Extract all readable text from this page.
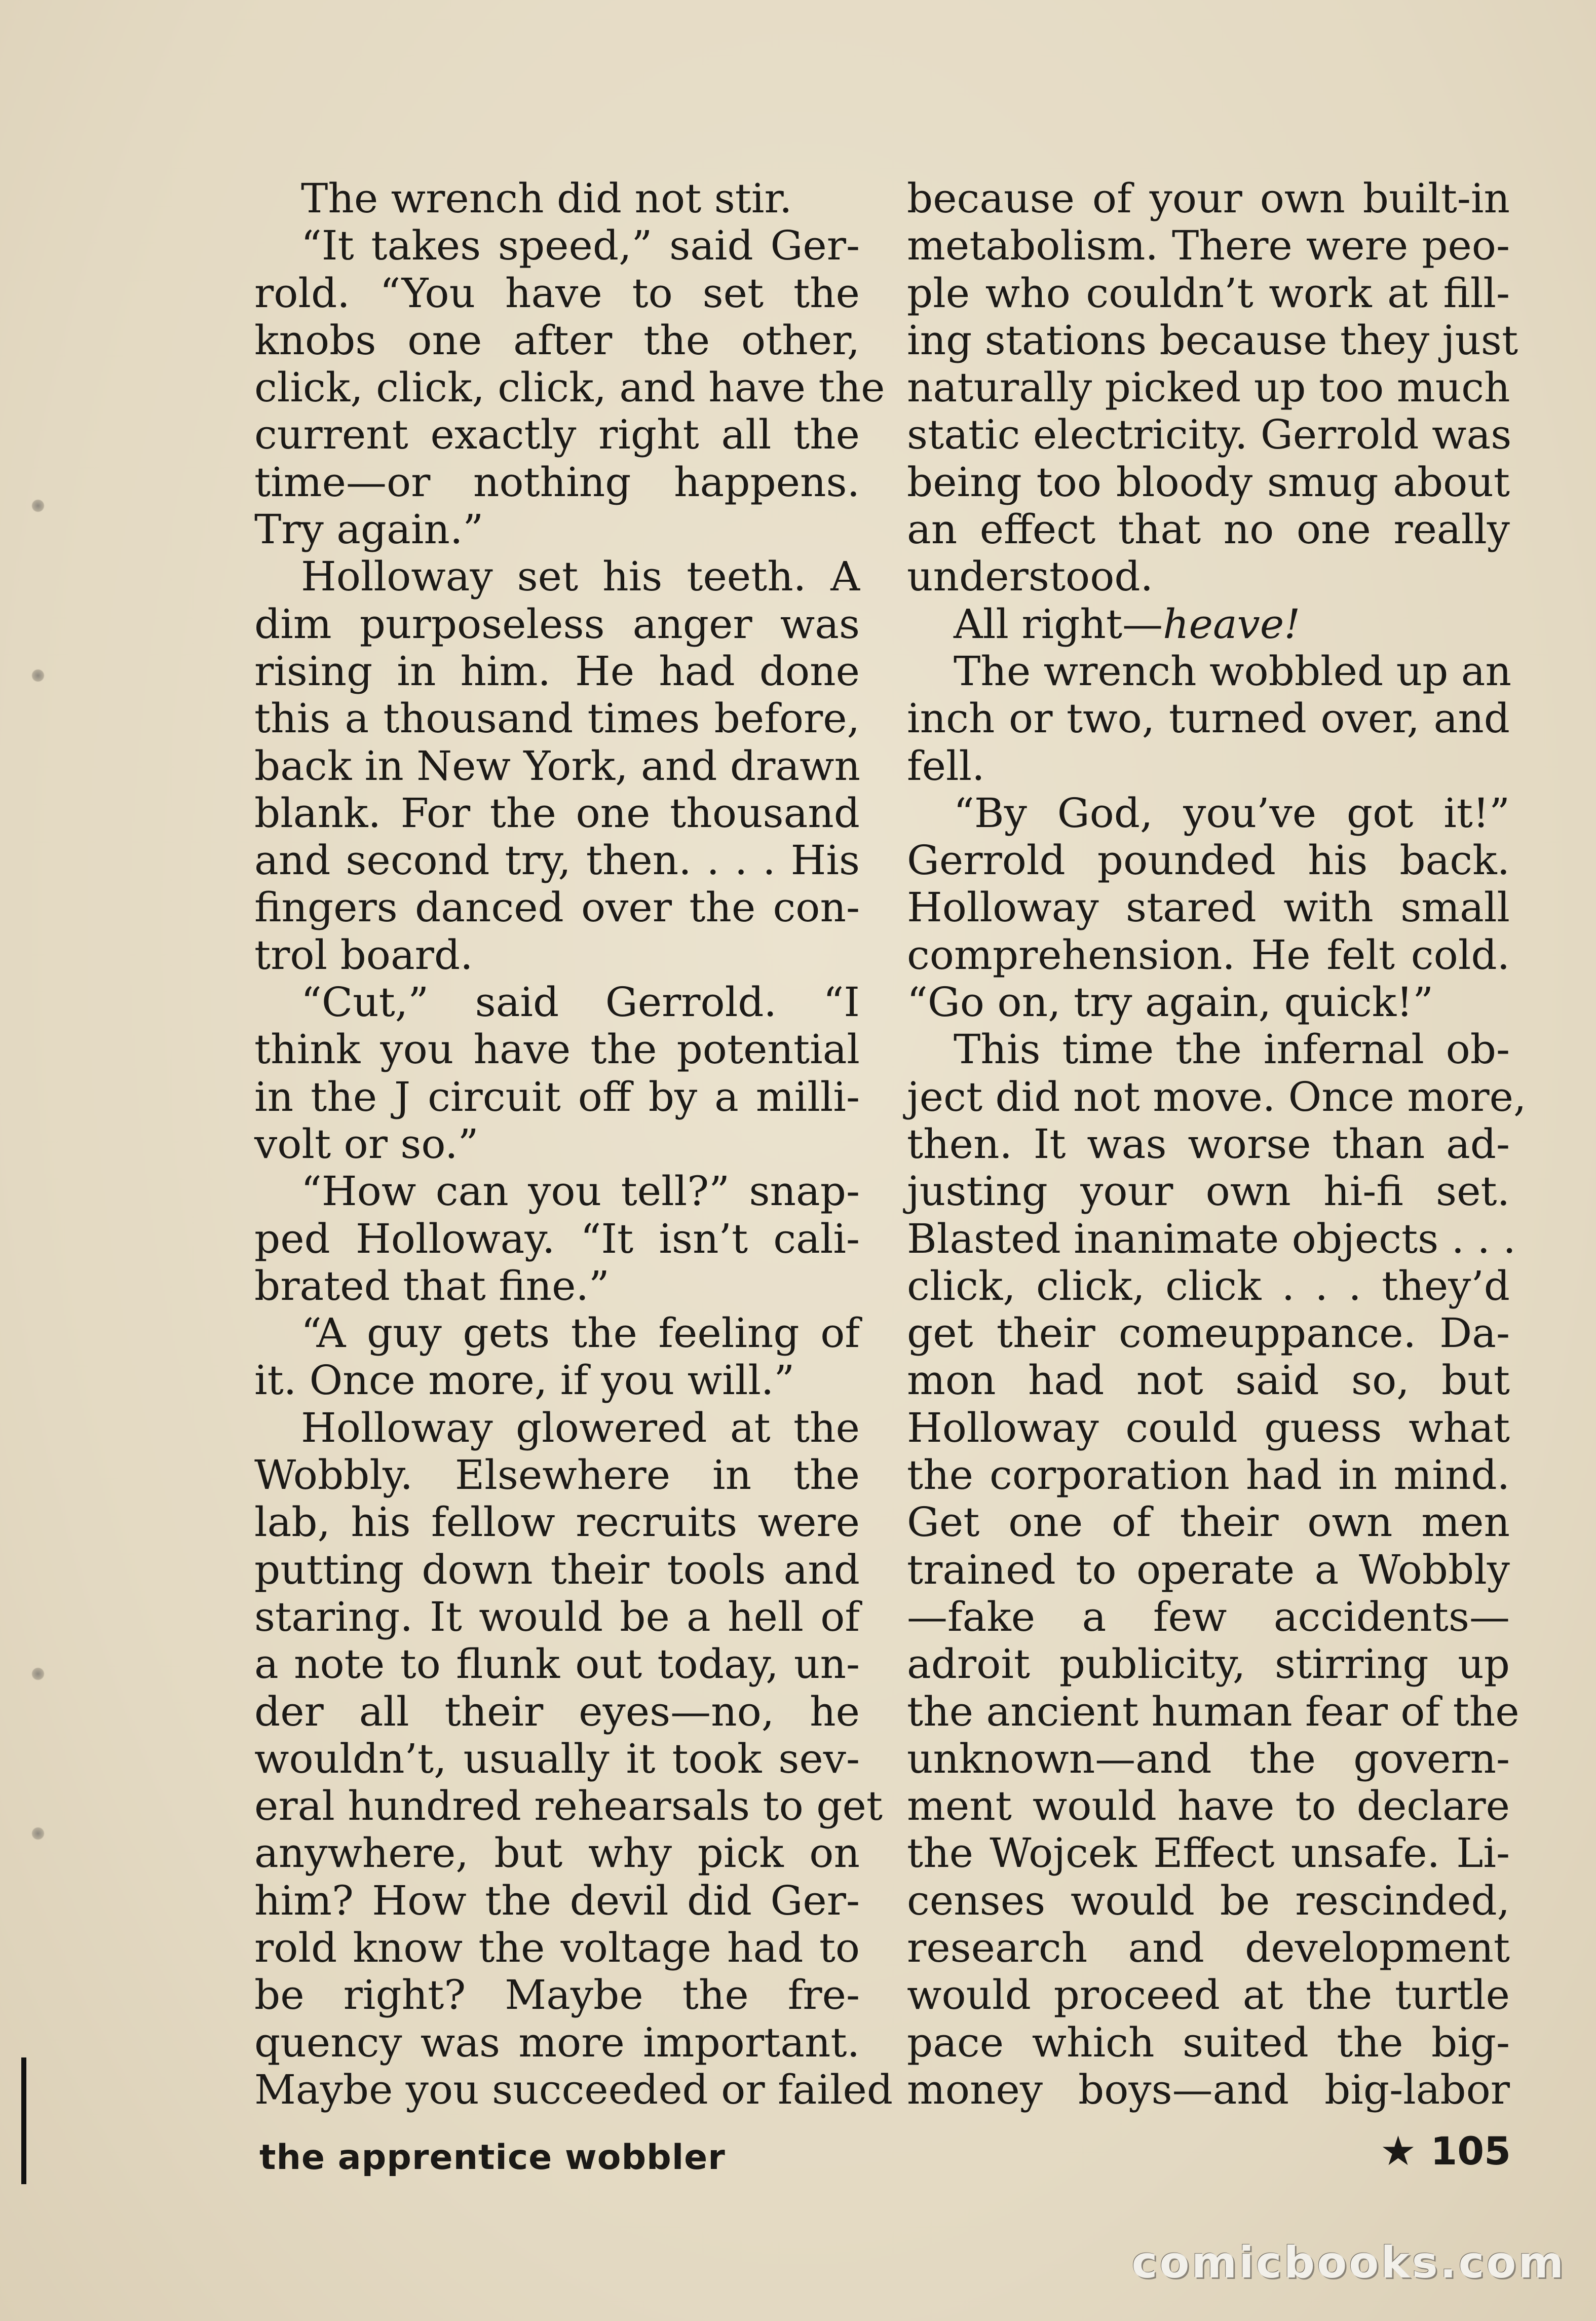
The wrench did not stir.
“It takes speed,” said Ger-
rold. “You have to set the
knobs one after the other,
click, click, click, and have the
current exactly right all the
time—or nothing happens.
Try again.”
Holloway set his teeth. A
dim purposeless anger was
rising in him. He had done
this a thousand times before,
back in New York, and drawn
blank. For the one thousand
and second try, then. . . . His
fingers danced over the con-
trol board.
“Cut,” said Gerrold. “I
think you have the potential
in the J circuit off by a milli-
volt or so.”
“How can you tell?” snap-
ped Holloway. “It isn’t cali-
brated that fine.”
“A guy gets the feeling of
it. Once more, if you will.”
Holloway glowered at the
Wobbly. Elsewhere in the
lab, his fellow recruits were
putting down their tools and
staring. It would be a hell of
a note to flunk out today, un-
der all their eyes—no, he
wouldn’t, usually it took sev-
eral hundred rehearsals to get
anywhere, but why pick on
him? How the devil did Ger-
rold know the voltage had to
be right? Maybe the fre-
quency was more important.
Maybe you succeeded or failed
because of your own built-in
metabolism. There were peo-
ple who couldn’t work at fill-
ing stations because they just
naturally picked up too much
static electricity. Gerrold was
being too bloody smug about
an effect that no one really
understood.
All right—heave!
The wrench wobbled up an
inch or two, turned over, and
fell.
“By God, you’ve got it!”
Gerrold pounded his back.
Holloway stared with small
comprehension. He felt cold.
“Go on, try again, quick!”
This time the infernal ob-
ject did not move. Once more,
then. It was worse than ad-
justing your own hi-fi set.
Blasted inanimate objects . . .
click, click, click . . . they’d
get their comeuppance. Da-
mon had not said so, but
Holloway could guess what
the corporation had in mind.
Get one of their own men
trained to operate a Wobbly
—fake a few accidents—
adroit publicity, stirring up
the ancient human fear of the
unknown—and the govern-
ment would have to declare
the Wojcek Effect unsafe. Li-
censes would be rescinded,
research and development
would proceed at the turtle
pace which suited the big-
money boys—and big-labor
the apprentice wobbler	★ 105
comicbooks.com
